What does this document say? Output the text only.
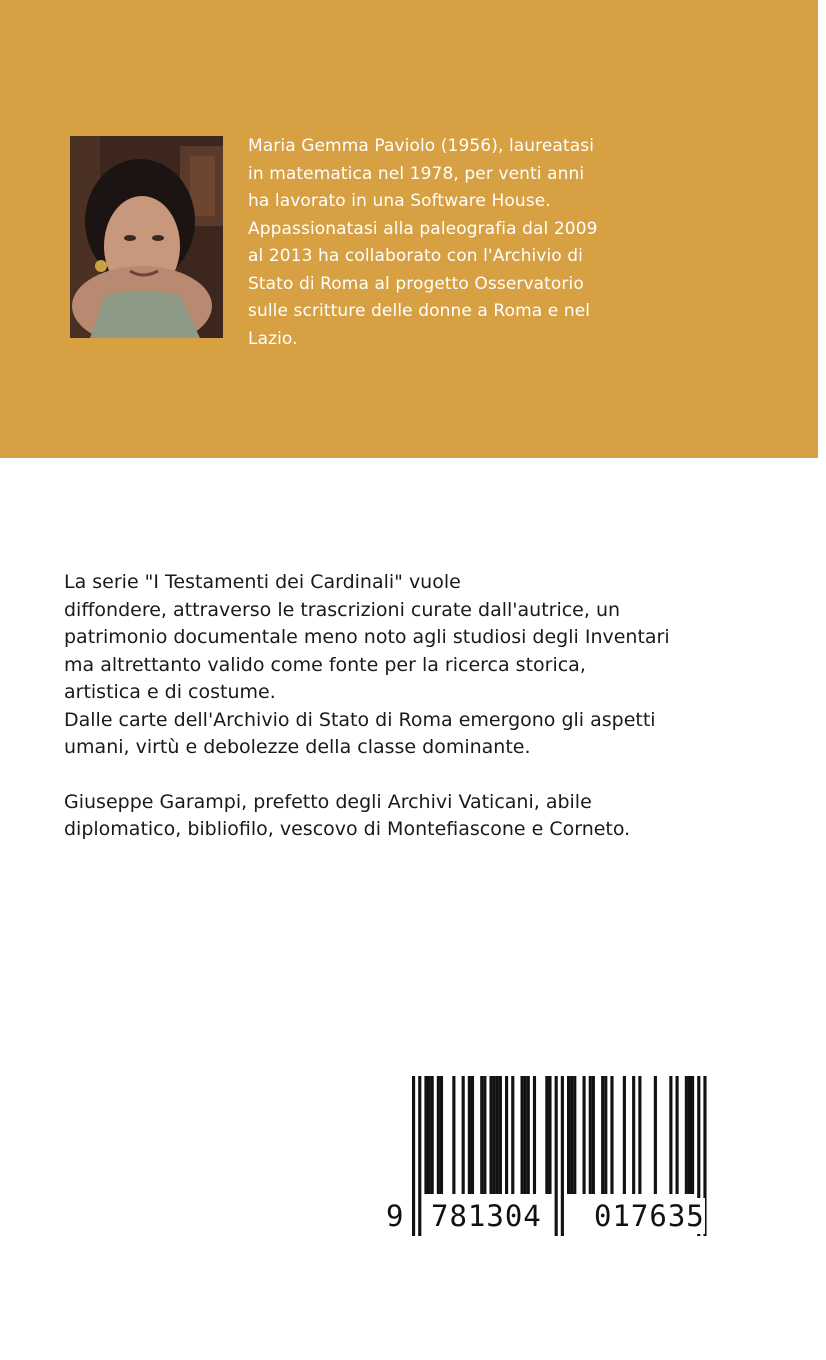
Maria Gemma Paviolo (1956), laureatasi
in matematica nel 1978, per venti anni
ha lavorato in una Software House.
Appassionatasi alla paleografia dal 2009
al 2013 ha collaborato con l'Archivio di
Stato di Roma al progetto Osservatorio
sulle scritture delle donne a Roma e nel
Lazio.
La serie "I Testamenti dei Cardinali" vuole
diffondere, attraverso le trascrizioni curate dall'autrice, un
patrimonio documentale meno noto agli studiosi degli Inventari
ma altrettanto valido come fonte per la ricerca storica,
artistica e di costume.
Dalle carte dell'Archivio di Stato di Roma emergono gli aspetti
umani, virtù e debolezze della classe dominante.
Giuseppe Garampi, prefetto degli Archivi Vaticani, abile
diplomatico, bibliofilo, vescovo di Montefiascone e Corneto.
9 781304 017635
